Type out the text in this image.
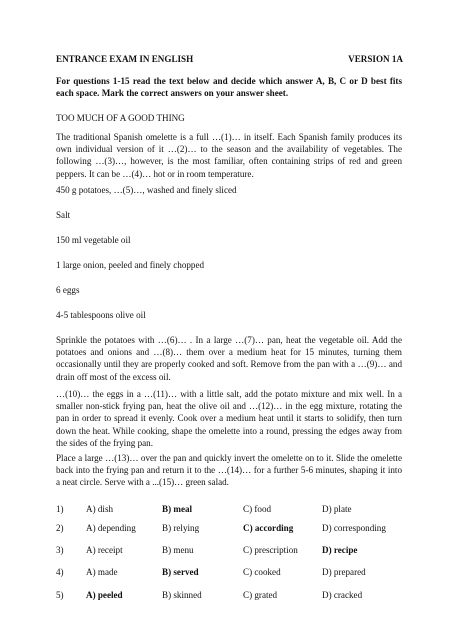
ENTRANCE EXAM IN ENGLISH	VERSION 1A

For questions 1-15 read the text below and decide which answer A, B, C or D best fits each space. Mark the correct answers on your answer sheet.

TOO MUCH OF A GOOD THING

The traditional Spanish omelette is a full …(1)… in itself. Each Spanish family produces its own individual version of it …(2)… to the season and the availability of vegetables. The following …(3)…, however, is the most familiar, often containing strips of red and green peppers. It can be …(4)… hot or in room temperature.

450 g potatoes, …(5)…, washed and finely sliced

Salt

150 ml vegetable oil

1 large onion, peeled and finely chopped

6 eggs

4-5 tablespoons olive oil

Sprinkle the potatoes with …(6)… . In a large …(7)… pan, heat the vegetable oil. Add the potatoes and onions and …(8)… them over a medium heat for 15 minutes, turning them occasionally until they are properly cooked and soft. Remove from the pan with a …(9)… and drain off most of the excess oil.

…(10)… the eggs in a …(11)… with a little salt, add the potato mixture and mix well. In a smaller non-stick frying pan, heat the olive oil and …(12)… in the egg mixture, rotating the pan in order to spread it evenly. Cook over a medium heat until it starts to solidify, then turn down the heat. While cooking, shape the omelette into a round, pressing the edges away from the sides of the frying pan.

Place a large …(13)… over the pan and quickly invert the omelette on to it. Slide the omelette back into the frying pan and return it to the …(14)… for a further 5-6 minutes, shaping it into a neat circle. Serve with a ...(15)… green salad.

1) A) dish	B) meal	C) food	D) plate
2) A) depending	B) relying	C) according	D) corresponding
3) A) receipt	B) menu	C) prescription	D) recipe
4) A) made	B) served	C) cooked	D) prepared
5) A) peeled	B) skinned	C) grated	D) cracked
